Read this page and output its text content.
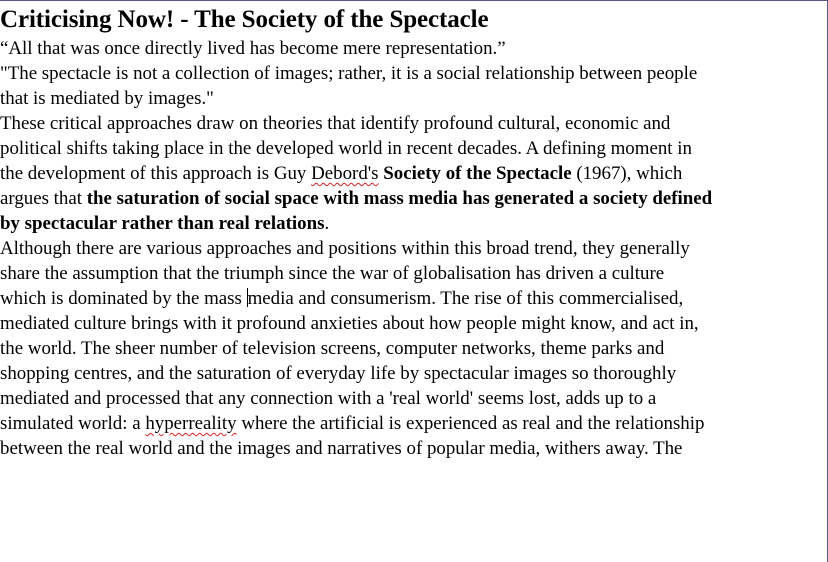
Criticising Now! - The Society of the Spectacle

“All that was once directly lived has become mere representation.”

"The spectacle is not a collection of images; rather, it is a social relationship between people
that is mediated by images."

These critical approaches draw on theories that identify profound cultural, economic and
political shifts taking place in the developed world in recent decades. A defining moment in
the development of this approach is Guy Debord's Society of the Spectacle (1967), which
argues that the saturation of social space with mass media has generated a society defined
by spectacular rather than real relations.

Although there are various approaches and positions within this broad trend, they generally
share the assumption that the triumph since the war of globalisation has driven a culture
which is dominated by the mass media and consumerism. The rise of this commercialised,
mediated culture brings with it profound anxieties about how people might know, and act in,
the world. The sheer number of television screens, computer networks, theme parks and
shopping centres, and the saturation of everyday life by spectacular images so thoroughly
mediated and processed that any connection with a 'real world' seems lost, adds up to a
simulated world: a hyperreality where the artificial is experienced as real and the relationship
between the real world and the images and narratives of popular media, withers away. The
